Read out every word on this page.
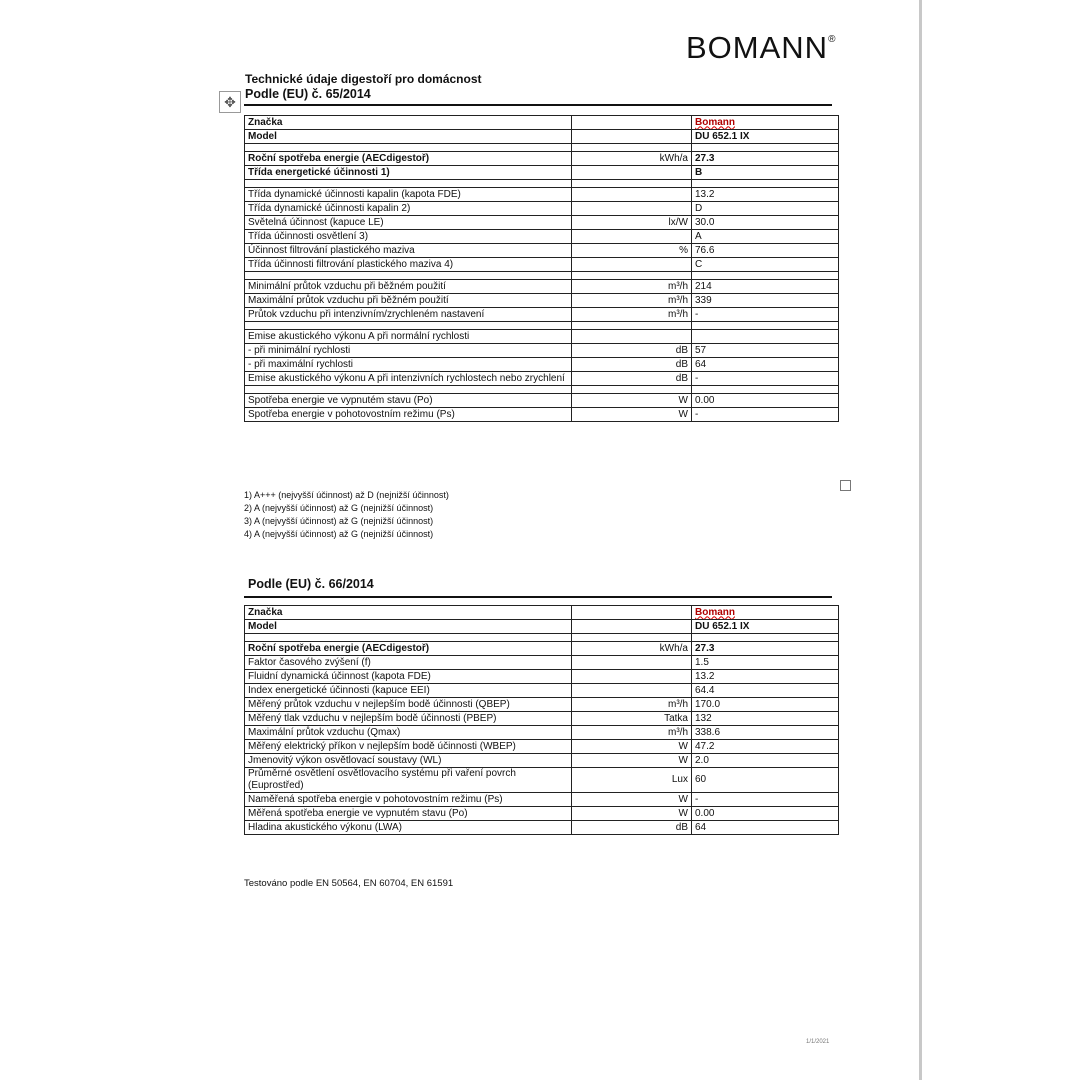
BOMANN®
Technické údaje digestoří pro domácnost
Podle (EU) č. 65/2014
✥
Značka		Bomann
Model		DU 652.1 IX

Roční spotřeba energie (AECdigestoř)	kWh/a	27.3
Třída energetické účinnosti 1)		B

Třída dynamické účinnosti kapalin (kapota FDE)		13.2
Třída dynamické účinnosti kapalin 2)		D
Světelná účinnost (kapuce LE)	lx/W	30.0
Třída účinnosti osvětlení 3)		A
Účinnost filtrování plastického maziva	%	76.6
Třída účinnosti filtrování plastického maziva 4)		C

Minimální průtok vzduchu při běžném použití	m³/h	214
Maximální průtok vzduchu při běžném použití	m³/h	339
Průtok vzduchu při intenzivním/zrychleném nastavení	m³/h	-

Emise akustického výkonu A při normální rychlosti		
- při minimální rychlosti	dB	57
- při maximální rychlosti	dB	64
Emise akustického výkonu A při intenzivních rychlostech nebo zrychlení	dB	-

Spotřeba energie ve vypnutém stavu (Po)	W	0.00
Spotřeba energie v pohotovostním režimu (Ps)	W	-
1) A+++ (nejvyšší účinnost) až D (nejnižší účinnost)
2) A (nejvyšší účinnost) až G (nejnižší účinnost)
3) A (nejvyšší účinnost) až G (nejnižší účinnost)
4) A (nejvyšší účinnost) až G (nejnižší účinnost)
Podle (EU) č. 66/2014
Značka		Bomann
Model		DU 652.1 IX

Roční spotřeba energie (AECdigestoř)	kWh/a	27.3
Faktor časového zvýšení (f)		1.5
Fluidní dynamická účinnost (kapota FDE)		13.2
Index energetické účinnosti (kapuce EEI)		64.4
Měřený průtok vzduchu v nejlepším bodě účinnosti (QBEP)	m³/h	170.0
Měřený tlak vzduchu v nejlepším bodě účinnosti (PBEP)	Tatka	132
Maximální průtok vzduchu (Qmax)	m³/h	338.6
Měřený elektrický příkon v nejlepším bodě účinnosti (WBEP)	W	47.2
Jmenovitý výkon osvětlovací soustavy (WL)	W	2.0
Průměrné osvětlení osvětlovacího systému při vaření povrch (Euprostřed)	Lux	60
Naměřená spotřeba energie v pohotovostním režimu (Ps)	W	-
Měřená spotřeba energie ve vypnutém stavu (Po)	W	0.00
Hladina akustického výkonu (LWA)	dB	64
Testováno podle EN 50564, EN 60704, EN 61591
1/1/2021
